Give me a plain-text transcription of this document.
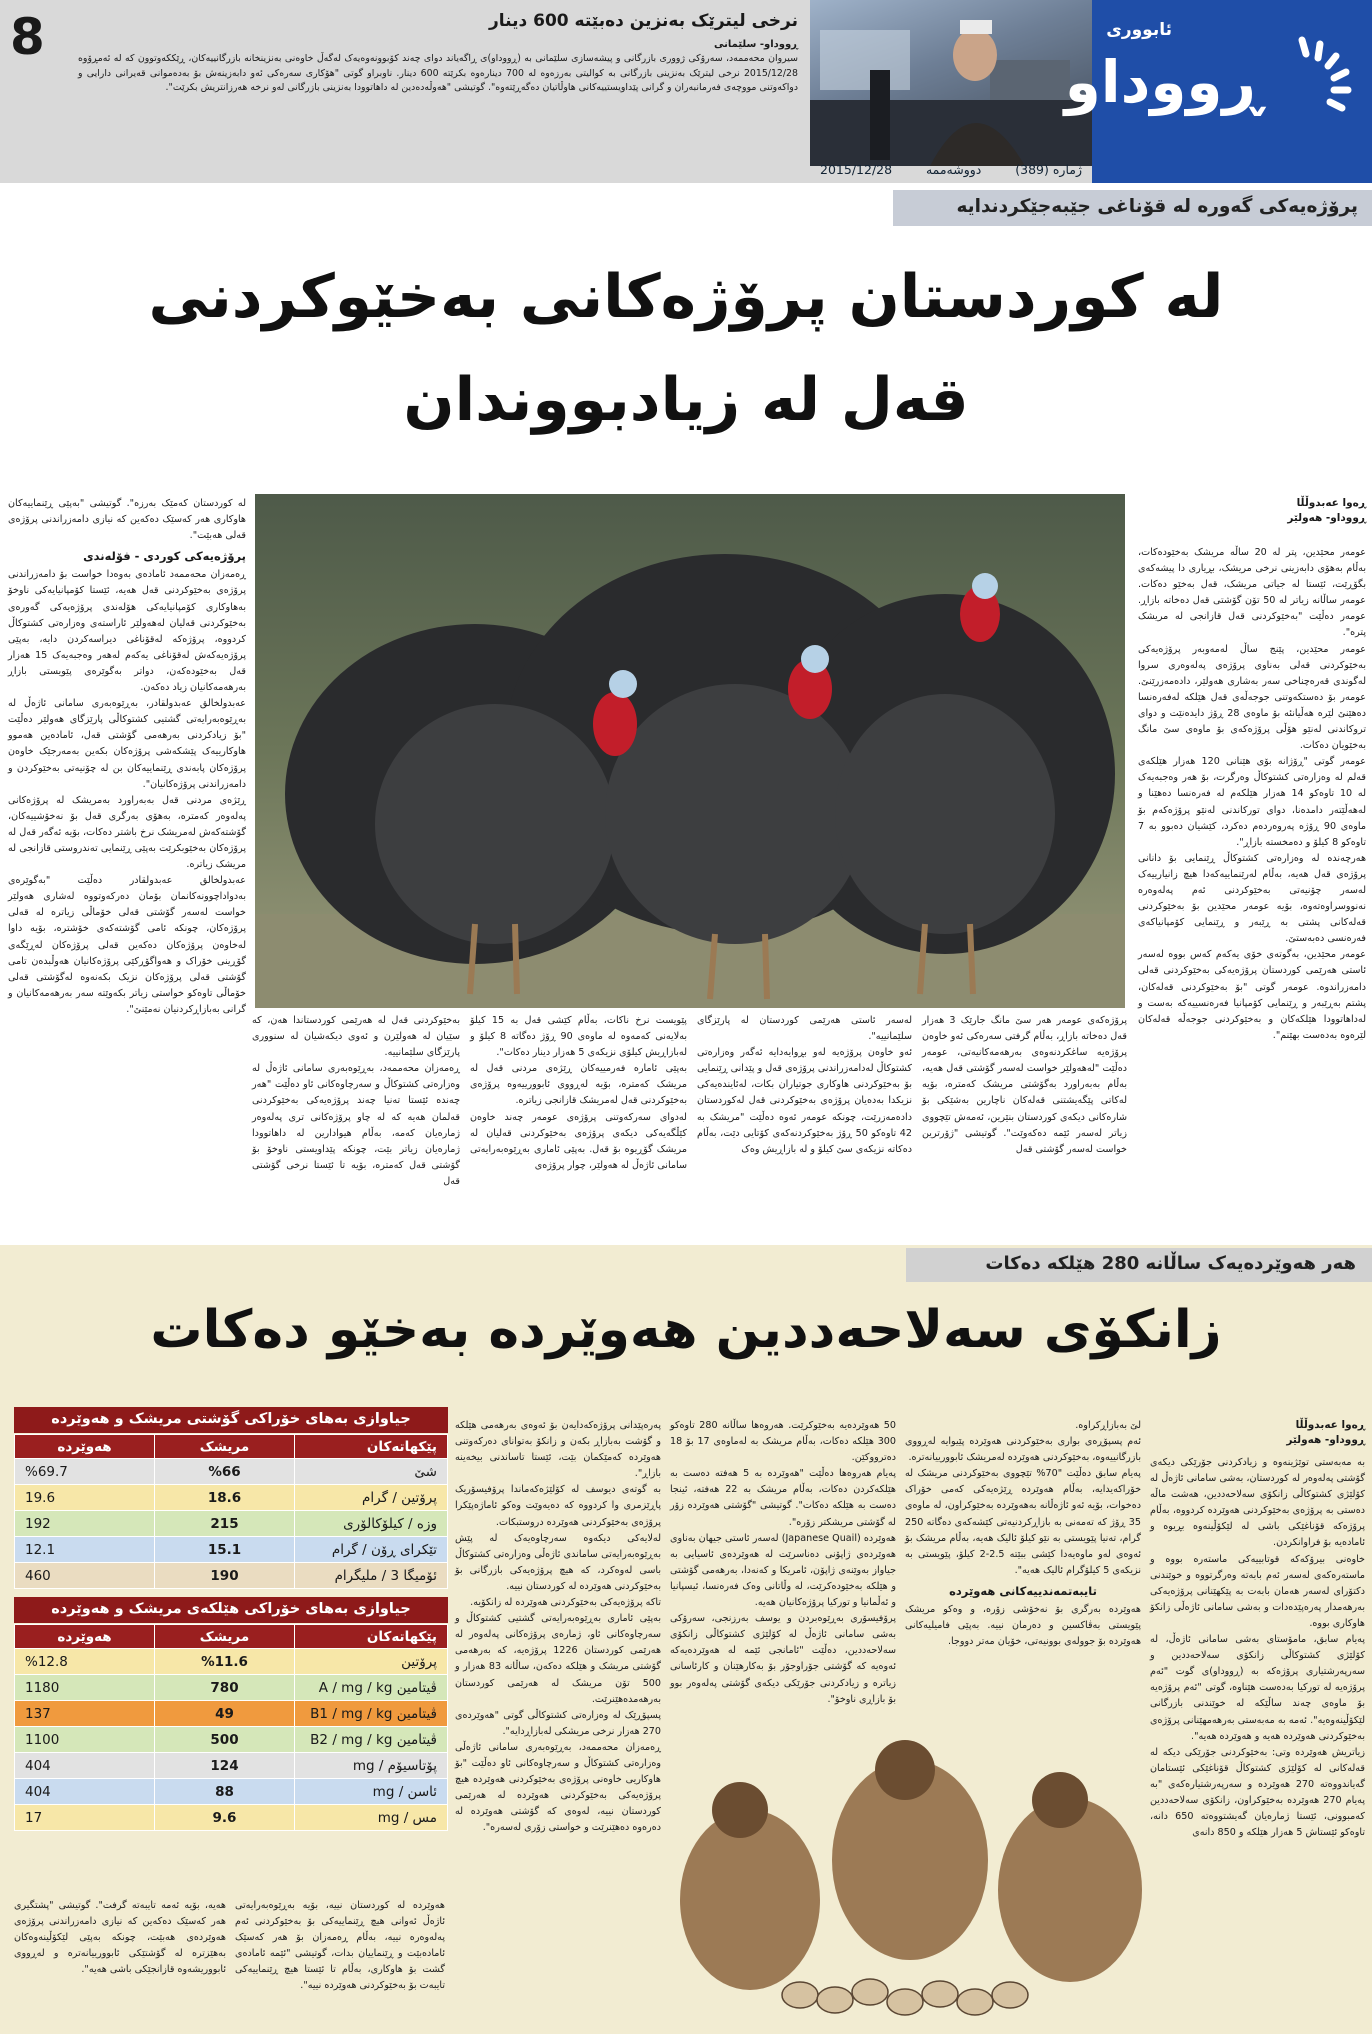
8	نرخی لیترێک بەنزین دەبێتە 600 دینار

ڕووداو- سلێمانی

سیروان محەممەد، سەرۆکی ژووری بازرگانی و پیشەسازی سلێمانی بە (ڕووداو)ی ڕاگەیاند دوای چەند کۆبوونەوەیەک لەگەڵ خاوەنی بەنزینخانە بازرگانییەکان، ڕێککەوتوون کە لە ئەمڕۆوە 2015/12/28 نرخی لیترێک بەنزینی بازرگانی بە کوالیتی بەرزەوە لە 700 دینارەوە بکرێتە 600 دینار. ناوبراو گوتی "هۆکاری سەرەکی ئەو دابەزینەش بۆ بەدەموانی قەیرانی دارایی و دواکەوتنی مووچەی فەرمانبەران و گرانی پێداویستییەکانی هاوڵاتیان دەگەڕێتەوە". گوتیشی "هەوڵەدەدین لە داهاتوودا بەنزینی بازرگانی لەو نرخە هەرزانتریش بکرێت".

ئابووری
ڕووداو
ژمارە (389)
دووشەممە
2015/12/28
پرۆژەیەکی گەورە لە قۆناغی جێبەجێکردندایە
لە کوردستان پرۆژەکانی بەخێوکردنی
قەل لە زیادبووندان
ڕەوا عەبدوڵڵا
ڕووداو- هەولێر
عومەر محێدین، پتر لە 20 ساڵە مریشک بەخێودەکات، بەڵام بەهۆی دابەزینی نرخی مریشک، بڕیاری دا پیشەکەی بگۆڕێت، ئێستا لە جیاتی مریشک، قەل بەخێو دەکات. عومەر ساڵانە زیاتر لە 50 تۆن گۆشتی قەل دەخاتە بازاڕ. عومەر دەڵێت "بەخێوکردنی قەل قازانجی لە مریشک پترە".
عومەر محێدین، پێنج ساڵ لەمەوبەر پرۆژەیەکی بەخێوکردنی قەلی بەناوی پرۆژەی پەلەوەری سروا لەگوندی قەرەچناخی سەر بەشاری هەولێر، دادەمەزرێنێ. عومەر بۆ دەستکەوتنی جوجەڵەی قەل هێلکە لەفەرەنسا دەهێنێ لێرە هەڵیانئە بۆ ماوەی 28 ڕۆژ دایدەنێت و دوای تروکاندنی لەنێو هۆڵی پرۆژەکەی بۆ ماوەی سێ مانگ بەخێویان دەکات.
عومەر گوتی "ڕۆژانە بۆی هێنانی 120 هەزار هێلکەی قەلم لە وەزارەتی کشتوکاڵ وەرگرت، بۆ هەر وەجبەیەک لە 10 تاوەکو 14 هەزار هێلکەم لە فەرەنسا دەهێنا و لەهەڵێتەر دامدەنا، دوای تورکاندنی لەنێو پرۆژەکەم بۆ ماوەی 90 ڕۆژە پەروەردەم دەکرد، کێشیان دەبوو بە 7 تاوەکو 8 کیلۆ و دەمخستە بازاڕ".
هەرچەندە لە وەزارەتی کشتوکاڵ ڕێنمایی بۆ دانانی پرۆژەی قەل هەیە، بەڵام لەرێنماییەکەدا هیچ زانیارییەک لەسەر چۆنیەتی بەخێوکردنی ئەم پەلەوەرە نەنووسراوەتەوە، بۆیە عومەر محێدین بۆ بەخێوکردنی قەلەکانی پشتی بە ڕێبەر و ڕێنمایی کۆمپانیاکەی فەرەنسی دەبەستێ.
عومەر محێدین، بەگوتەی خۆی یەکەم کەس بووە لەسەر ئاستی هەرێمی کوردستان پرۆژەیەکی بەخێوکردنی قەلی دامەزراندوە. عومەر گوتی "بۆ بەخێوکردنی قەلەکان، پشتم بەڕێبەر و ڕێنمایی کۆمپانیا فەرەنسییەکە بەست و لەداهاتوودا هێلکەکان و بەخێوکردنی جوجەڵە قەلەکان لێرەوە بەدەست بهێنم".

لە کوردستان کەمێک بەرزە". گوتیشی "بەپێی ڕێنماییەکان هاوکاری هەر کەسێک دەکەین کە نیازی دامەزراندنی پرۆژەی قەلی هەبێت".

پرۆژەیەکی کوردی - فۆلەندی

ڕەمەزان محەممەد ئامادەی بەوەدا خواست بۆ دامەزراندنی پرۆژەی بەخێوکردنی قەل هەیە، ئێستا کۆمپانیایەکی ناوخۆ بەهاوکاری کۆمپانیایەکی هۆلەندی پرۆژەیەکی گەورەی بەخێوکردنی قەلیان لەهەولێر ئاراستەی وەزارەتی کشتوکاڵ کردووە، پرۆژەکە لەقۆناغی دیراسەکردن دایە، بەپێی پرۆژەیەکەش لەقۆناغی یەکەم لەهەر وەجبەیەک 15 هەزار قەل بەخێودەکەن، دواتر بەگوێرەی پێویستی بازاڕ بەرهەمەکانیان زیاد دەکەن.
عەبدولخالق عەبدولقادر، بەڕێوەبەری سامانی ئاژەڵ لە بەڕێوەبەرایەتی گشتیی کشتوکاڵی پارێزگای هەولێر دەڵێت "بۆ زیادکردنی بەرهەمی گۆشتی قەل، ئامادەین هەموو هاوکارییەک پێشکەشی پرۆژەکان بکەین بەمەرجێک خاوەن پرۆژەکان پابەندی ڕێنماییەکان بن لە چۆنیەتی بەخێوکردن و دامەزراندنی پرۆژەکانیان".
ڕێژەی مردنی قەل بەبەراورد بەمریشک لە پرۆژەکانی پەلەوەر کەمترە، بەهۆی بەرگری قەل بۆ نەخۆشییەکان، گۆشتەکەش لەمریشک نرخ باشتر دەکات، بۆیە ئەگەر قەل لە پرۆژەکان بەخێوبکرێت بەپێی ڕێنمایی تەندروستی قازانجی لە مریشک زیاترە.
عەبدولخالق عەبدولقادر دەڵێت "بەگوێرەی بەدواداچوونەکانمان بۆمان دەرکەوتووە لەشاری هەولێر خواست لەسەر گۆشتی قەلی خۆماڵی زیاترە لە قەلی پرۆژەکان، چونکە ئامی گۆشتەکەی خۆشترە، بۆیە داوا لەخاوەن پرۆژەکان دەکەین قەلی پرۆژەکان لەڕێگەی گۆڕینی خۆراک و هەواگۆڕکێی پرۆژەکانیان هەوڵبدەن تامی گۆشتی قەلی پرۆژەکان نزیک بکەنەوە لەگۆشتی قەلی خۆماڵی تاوەکو خواستی زیاتر بکەوێتە سەر بەرهەمەکانیان و گرانی بەبازاڕکردنیان نەمێنێ".

پرۆژەکەی عومەر هەر سێ مانگ جارێک 3 هەزار قەل دەخاتە بازاڕ، بەڵام گرفتی سەرەکی ئەو خاوەن پرۆژەیە ساغکردنەوەی بەرهەمەکانیەتی، عومەر دەڵێت "لەهەولێر خواست لەسەر گۆشتی قەل هەیە، بەڵام بەبەراورد بەگۆشتی مریشک کەمترە، بۆیە لەکاتی پێگەیشتنی قەلەکان ناچارین بەشێکی بۆ شارەکانی دیکەی کوردستان بنێرین، ئەمەش تێچووی زیاتر لەسەر ئێمە دەکەوێت". گوتیشی "ژۆرترین خواست لەسەر گۆشتی قەل
لەسەر ئاستی هەرێمی کوردستان لە پارێزگای سلێمانییە".
ئەو خاوەن پرۆژەیە لەو بڕوایەدایە ئەگەر وەزارەتی کشتوکاڵ لەدامەزراندنی پرۆژەی قەل و پێدانی ڕێنمایی بۆ بەخێوکردنی هاوکاری جوتیاران بکات، لەئایندەیەکی نزیکدا بەدەیان پرۆژەی بەخێوکردنی قەل لەکوردستان دادەمەزرێت، چونکە عومەر ئەوە دەڵێت "مریشک بە 42 تاوەکو 50 ڕۆژ بەخێوکردنەکەی کۆتایی دێت، بەڵام دەکاتە نزیکەی سێ کیلۆ و لە بازاڕیش وەک
پێویست نرخ ناکات، بەڵام کێشی قەل بە 15 کیلۆ بەلایەنی کەمەوە لە ماوەی 90 ڕۆژ دەگاتە 8 کیلۆ و لەبازاڕیش کیلۆی نزیکەی 5 هەزار دینار دەکات".
بەپێی ئامارە فەرمییەکان ڕێژەی مردنی قەل لە مریشک کەمترە، بۆیە لەڕووی ئابوورییەوە پرۆژەی بەخێوکردنی قەل لەمریشک قازانجی زیاترە.
لەدوای سەرکەوتنی پرۆژەی عومەر چەند خاوەن کێڵگەیەکی دیکەی پرۆژەی بەخێوکردنی قەلیان لە مریشک گۆڕیوە بۆ قەل. بەپێی ئاماری بەڕێوەبەرایەتی سامانی ئاژەڵ لە هەولێر، چوار پرۆژەی
بەخێوکردنی قەل لە هەرێمی کوردستاندا هەن، کە سێیان لە هەولێرن و ئەوی دیکەشیان لە سنووری پارێزگای سلێمانییە.
ڕەمەزان محەممەد، بەڕێوەبەری سامانی ئاژەڵ لە وەزارەتی کشتوکاڵ و سەرچاوەکانی ئاو دەڵێت "هەر چەندە ئێستا تەنیا چەند پرۆژەیەکی بەخێوکردنی قەلمان هەیە کە لە چاو پرۆژەکانی تری پەلەوەر ژمارەیان کەمە، بەڵام هیوادارین لە داهاتوودا ژمارەیان زیاتر بێت، چونکە پێداویستی ناوخۆ بۆ گۆشتی قەل کەمترە، بۆیە تا ئێستا نرخی گۆشتی قەل
هەر هەوێردەیەک ساڵانە 280 هێلکە دەکات
زانکۆی سەلاحەددین هەوێردە بەخێو دەکات
ڕەوا عەبدوڵڵا
ڕووداو- هەولێر
بە مەبەستی توێژینەوە و زیادکردنی جۆرێکی دیکەی گۆشتی پەلەوەر لە کوردستان، بەشی سامانی ئاژەڵ لە کۆلێژی کشتوکاڵی زانکۆی سەلاحەددین، هەشت ماڵە دەستی بە پرۆژەی بەخێوکردنی هەوێردە کردووە، بەڵام پرۆژەکە قۆناغێکی باشی لە لێکۆڵینەوە بڕیوە و ئامادەیە بۆ فراوانکردن.
خاوەنی بیرۆکەکە قوتابییەکی ماستەرە بووە و ماستەرەکەی لەسەر ئەم بابەتە وەرگرتووە و خوێندنی دکتۆرای لەسەر هەمان بابەت بە پێکهێنانی پرۆژەیەکی بەرهەمدار پەرەپێدەدات و بەشی سامانی ئاژەڵی زانکۆ هاوکاری بووە.
پەیام سابق، مامۆستای بەشی سامانی ئاژەڵ، لە کۆلێژی کشتوکاڵی زانکۆی سەلاحەددین و سەرپەرشتیاری پرۆژەکە بە (ڕووداو)ی گوت "ئەم پرۆژەیە لە تورکیا بەدەست هێناوە، گوتی "ئەم پرۆژەیە بۆ ماوەی چەند ساڵێکە لە خوێندنی بازرگانی لێکۆڵینەوەیە". ئەمە بە مەبەستی بەرهەمهێنانی پرۆژەی بەخێوکردنی هەوێردە هەیە و هەوێردە هەیە".
زیاتریش هەوێردە وتی: بەخێوکردنی جۆرێکی دیکە لە قەلەکانی لە کۆلێژی کشتوکاڵ قۆناغێکی ئێستامان گەیاندووەتە 270 هەوێردە و سەرپەرشتیارەکەی "بە پەیام 270 هەوێردە بەخێوکراون، زانکۆی سەلاحەددین کەمبوونی، ئێستا ژمارەیان گەیشتووەتە 650 دانە، تاوەکو ئێستاش 5 هەزار هێلکە و 850 دانەی

لێ بەبازاڕکراوە.
ئەم پسپۆڕەی بواری بەخێوکردنی هەوێردە پێیوایە لەڕووی بازرگانییەوە، بەخێوکردنی هەوێردە لەمریشک ئابوورییانەترە.
پەیام سابق دەڵێت "70% تێچووی بەخێوکردنی مریشک لە خۆراکەیدایە، بەڵام هەوێردە ڕێژەیەکی کەمی خۆراک دەخوات، بۆیە ئەو ئاژەڵانە بەهەوێردە بەخێوکراون، لە ماوەی 35 ڕۆژ کە تەمەنی بە بازاڕکردنیەتی کێشەکەی دەگاتە 250 گرام، تەنیا پێویستی بە نێو کیلۆ ئالیک هەیە، بەڵام مریشک بۆ ئەوەی لەو ماوەیەدا کێشی ببێتە 2.5-2 کیلۆ، پێویستی بە نزیکەی 5 کیلۆگرام ئالیک هەیە".

تایبەتمەندییەکانی هەوێردە

هەوێردە بەرگری بۆ نەخۆشی زۆرە، و وەکو مریشک پێویستی بەڤاکسین و دەرمان نییە. بەپێی فامیلیەکانی هەوێردە بۆ جوولەی بوونیەتی، خۆیان مەتر دووجا.

50 هەوێردەیە بەخێوکرێت. هەروەها ساڵانە 280 تاوەکو 300 هێلکە دەکات، بەڵام مریشک بە لەماوەی 17 بۆ 18 دەترووکێن.
پەیام هەروەها دەڵێت "هەوێردە بە 5 هەفتە دەست بە هێلکەکردن دەکات، بەڵام مریشک بە 22 هەفتە، ئینجا دەست بە هێلکە دەکات". گوتیشی "گۆشتی هەوێردە زۆر لە گۆشتی مریشکتر زۆرە".
هەوێردە (Japanese Quail) لەسەر ئاستی جیهان بەناوی هەوێردەی ژاپۆنی دەناسرێت لە هەوێردەی ئاسیایی بە جیاواز بەوێنەی ژاپۆن، ئامریکا و کەنەدا، بەرهەمی گۆشتی و هێلکە بەخێودەکرێت، لە وڵاتانی وەک فەرەنسا، ئیسپانیا و ئەڵمانیا و تورکیا پرۆژەکانیان هەیە.
پرۆفیسۆری بەڕێوەبردن و یوسف بەرزنجی، سەرۆکی بەشی سامانی ئاژەڵ لە کۆلێژی کشتوکاڵی زانکۆی سەلاحەددین، دەڵێت "ئامانجی ئێمە لە هەوێردەیەکە ئەوەیە کە گۆشتی جۆراوجۆر بۆ بەکارهێنان و کارئاسانی زیاترە و زیادکردنی جۆرێکی دیکەی گۆشتی پەلەوەر بوو بۆ بازاڕی ناوخۆ".
پەرەپێدانی پرۆژەکەدایەن بۆ ئەوەی بەرهەمی هێلکە و گۆشت بەبازاڕ بکەن و زانکۆ بەتوانای دەرکەوتنی هەوێردە کەمێکمان بێت، ئێستا تاساندنی بیخەینە بازاڕ".
بە گوتەی دیوسف لە کۆلێژەکەماندا پرۆفیسۆریک پاڕێزمری وا کردووە کە دەیەوێت وەکو ئاماژەپێکرا پرۆژەی بەخێوکردنی هەوێردە دروستبکات.
لەلایەکی دیکەوە سەرچاوەیەک لە پێش بەڕێوەبەرایەتی ساماندی ئاژەڵی وەزارەتی کشتوکاڵ باسی لەوەکرد، کە هیچ پرۆژەیەکی بازرگانی بۆ بەخێوکردنی هەوێردە لە کوردستان نییە.
تاکە پرۆژەیەکی بەخێوکردنی هەوێردە لە زانکۆیە.
بەپێی ئاماری بەڕێوەبەرایەتی گشتیی کشتوکاڵ و سەرچاوەکانی ئاو، ژمارەی پرۆژەکانی پەلەوەر لە هەرێمی کوردستان 1226 پرۆژەیە، کە بەرهەمی گۆشتی مریشک و هێلکە دەکەن، ساڵانە 83 هەزار و 500 تۆن مریشک لە هەرێمی کوردستان بەرهەمدەهێنرێت.
پسپۆڕێک لە وەزارەتی کشتوکاڵی گوتی "هەوێردەی 270 هەزار نرخی مریشکی لەبازاڕدایە".
ڕەمەزان محەممەد، بەڕێوەبەری سامانی ئاژەڵی وەزارەتی کشتوکاڵ و سەرچاوەکانی ئاو دەڵێت "بۆ هاوکاریی خاوەنی پرۆژەی بەخێوکردنی هەوێردە هیچ پرۆژەیەکی بەخێوکردنی هەوێردە لە هەرێمی کوردستان نییە، لەوەی کە گۆشتی هەوێردە لە دەرەوە دەهێنرێت و خواستی زۆری لەسەرە".
جیاوازی بەهای خۆراکی گۆشتی مریشک و هەوێردە
پێکهاتەکان	مریشک	هەوێردە
شێ	%66	%69.7
پرۆتین / گرام	18.6	19.6
وزە / کیلۆکالۆری	215	192
تێکرای ڕۆن / گرام	15.1	12.1
ئۆمیگا 3 / ملیگرام	190	460
جیاوازی بەهای خۆراکی هێلکەی مریشک و هەوێردە
پێکهاتەکان	مریشک	هەوێردە
پرۆتین	%11.6	%12.8
ڤیتامین A / mg / kg	780	1180
ڤیتامین B1 / mg / kg	49	137
ڤیتامین B2 / mg / kg	500	1100
پۆتاسیۆم / mg	124	404
ئاسن / mg	88	404
مس / mg	9.6	17
هەوێردە لە کوردستان نییە، بۆیە بەڕێوەبەرایەتی ئاژەڵ ئەوانی هیچ ڕێنماییەکی بۆ بەخێوکردنی ئەم پەلەوەرە نییە، بەڵام ڕەمەزان بۆ هەر کەسێک ئامادەبێت و ڕێنماییان بدات، گوتیشی "ئێمە ئامادەی گشت بۆ هاوکاری، بەڵام تا ئێستا هیچ ڕێنماییەکی تایبەت بۆ بەخێوکردنی هەوێردە نییە".
هەیە، بۆیە ئەمە تایبەتە گرفت". گوتیشی "پشتگیری هەر کەسێک دەکەین کە نیازی دامەزراندنی پرۆژەی هەوێردەی هەبێت، چونکە بەپێی لێکۆڵینەوەکان بەهێزترە لە گۆشتێکی ئابوورییانەترە و لەڕووی ئابووریشەوە قازانجێکی باشی هەیە".
